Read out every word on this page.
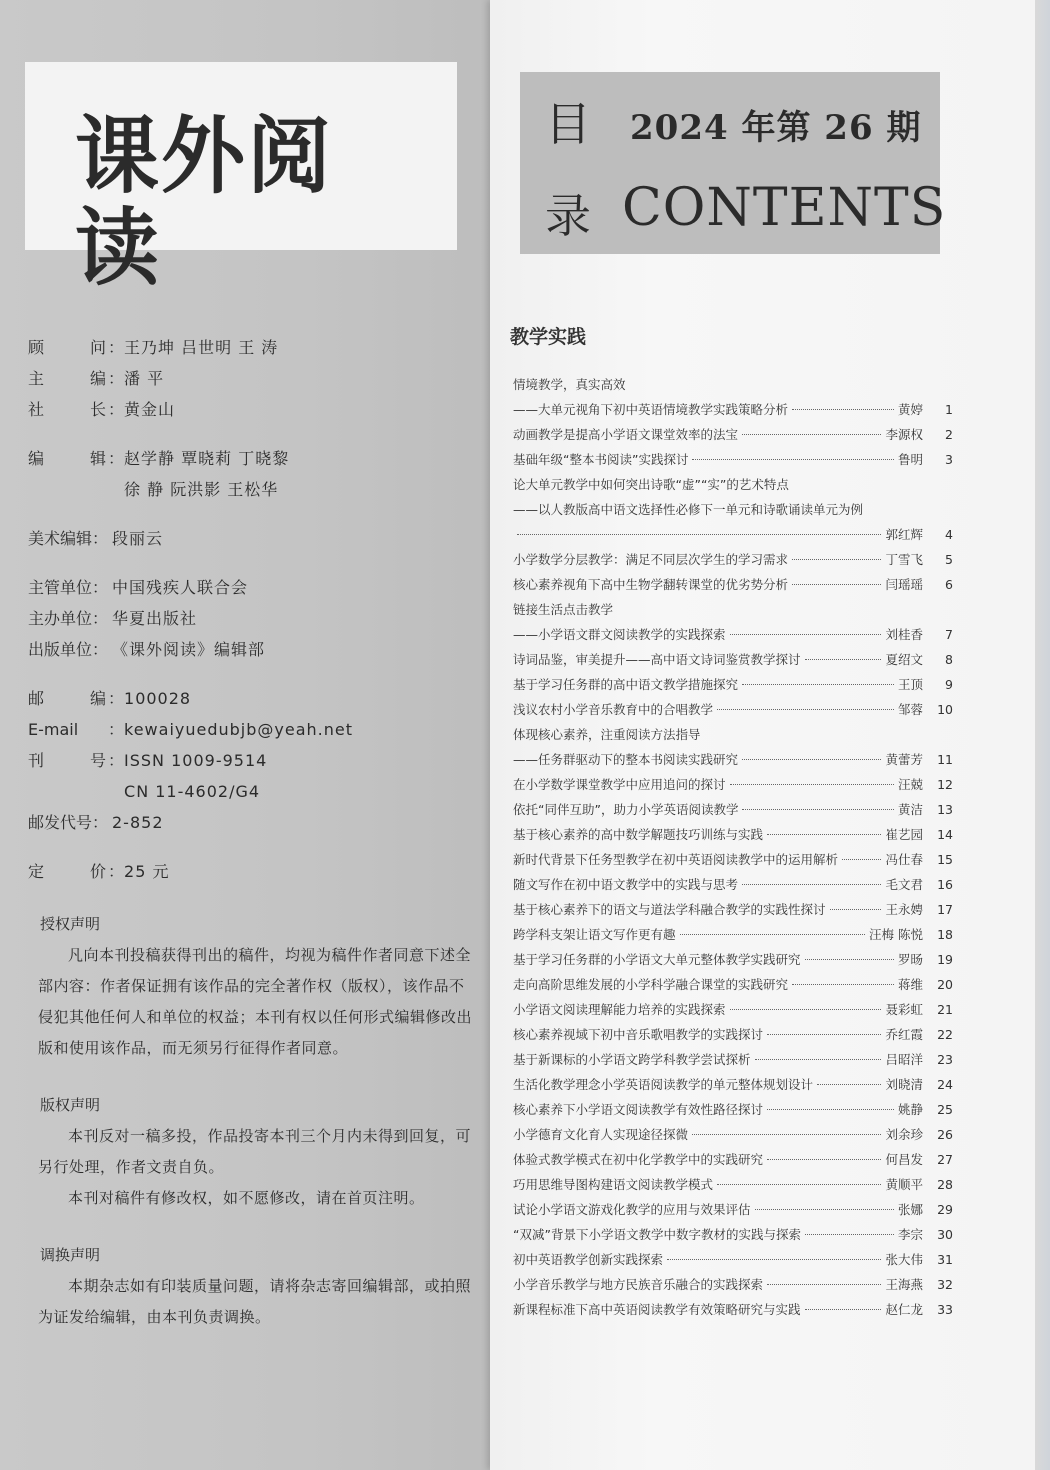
课外阅读
顾问 ： 王乃坤 吕世明 王 涛
主编 ： 潘 平
社长 ： 黄金山
编辑 ： 赵学静 覃晓莉 丁晓黎
徐 静 阮洪影 王松华
美术编辑： 段丽云
主管单位： 中国残疾人联合会
主办单位： 华夏出版社
出版单位： 《课外阅读》编辑部
邮编 ： 100028
E-mail	： kewaiyuedubjb@yeah.net
刊号 ： ISSN 1009-9514
CN 11-4602/G4
邮发代号： 2-852
定价 ： 25 元
授权声明
凡向本刊投稿获得刊出的稿件，均视为稿件作者同意下述全部内容：作者保证拥有该作品的完全著作权（版权），该作品不侵犯其他任何人和单位的权益；本刊有权以任何形式编辑修改出版和使用该作品，而无须另行征得作者同意。
版权声明
本刊反对一稿多投，作品投寄本刊三个月内未得到回复，可另行处理，作者文责自负。
本刊对稿件有修改权，如不愿修改，请在首页注明。
调换声明
本期杂志如有印装质量问题，请将杂志寄回编辑部，或拍照为证发给编辑，由本刊负责调换。
目
录
2024 年第 26 期
CONTENTS
教学实践
情境教学，真实高效
——大单元视角下初中英语情境教学实践策略分析	黄婷	1
动画教学是提高小学语文课堂效率的法宝	李源权	2
基础年级“整本书阅读”实践探讨	鲁明	3
论大单元教学中如何突出诗歌“虚”“实”的艺术特点
——以人教版高中语文选择性必修下一单元和诗歌诵读单元为例
郭红辉	4
小学数学分层教学：满足不同层次学生的学习需求	丁雪飞	5
核心素养视角下高中生物学翻转课堂的优劣势分析	闫瑶瑶	6
链接生活点击教学
——小学语文群文阅读教学的实践探索	刘桂香	7
诗词品鉴，审美提升——高中语文诗词鉴赏教学探讨	夏绍文	8
基于学习任务群的高中语文教学措施探究	王顶	9
浅议农村小学音乐教育中的合唱教学	邹蓉	10
体现核心素养，注重阅读方法指导
——任务群驱动下的整本书阅读实践研究	黄蕾芳	11
在小学数学课堂教学中应用追问的探讨	汪兢	12
依托“同伴互助”，助力小学英语阅读教学	黄洁	13
基于核心素养的高中数学解题技巧训练与实践	崔艺园	14
新时代背景下任务型教学在初中英语阅读教学中的运用解析	冯仕春	15
随文写作在初中语文教学中的实践与思考	毛文君	16
基于核心素养下的语文与道法学科融合教学的实践性探讨	王永娉	17
跨学科支架让语文写作更有趣	汪梅 陈悦	18
基于学习任务群的小学语文大单元整体教学实践研究	罗旸	19
走向高阶思维发展的小学科学融合课堂的实践研究	蒋维	20
小学语文阅读理解能力培养的实践探索	聂彩虹	21
核心素养视域下初中音乐歌唱教学的实践探讨	乔红霞	22
基于新课标的小学语文跨学科教学尝试探析	吕昭洋	23
生活化教学理念小学英语阅读教学的单元整体规划设计	刘晓清	24
核心素养下小学语文阅读教学有效性路径探讨	姚静	25
小学德育文化育人实现途径探微	刘余珍	26
体验式教学模式在初中化学教学中的实践研究	何昌发	27
巧用思维导图构建语文阅读教学模式	黄顺平	28
试论小学语文游戏化教学的应用与效果评估	张娜	29
“双减”背景下小学语文教学中数字教材的实践与探索	李宗	30
初中英语教学创新实践探索	张大伟	31
小学音乐教学与地方民族音乐融合的实践探索	王海燕	32
新课程标准下高中英语阅读教学有效策略研究与实践	赵仁龙	33
